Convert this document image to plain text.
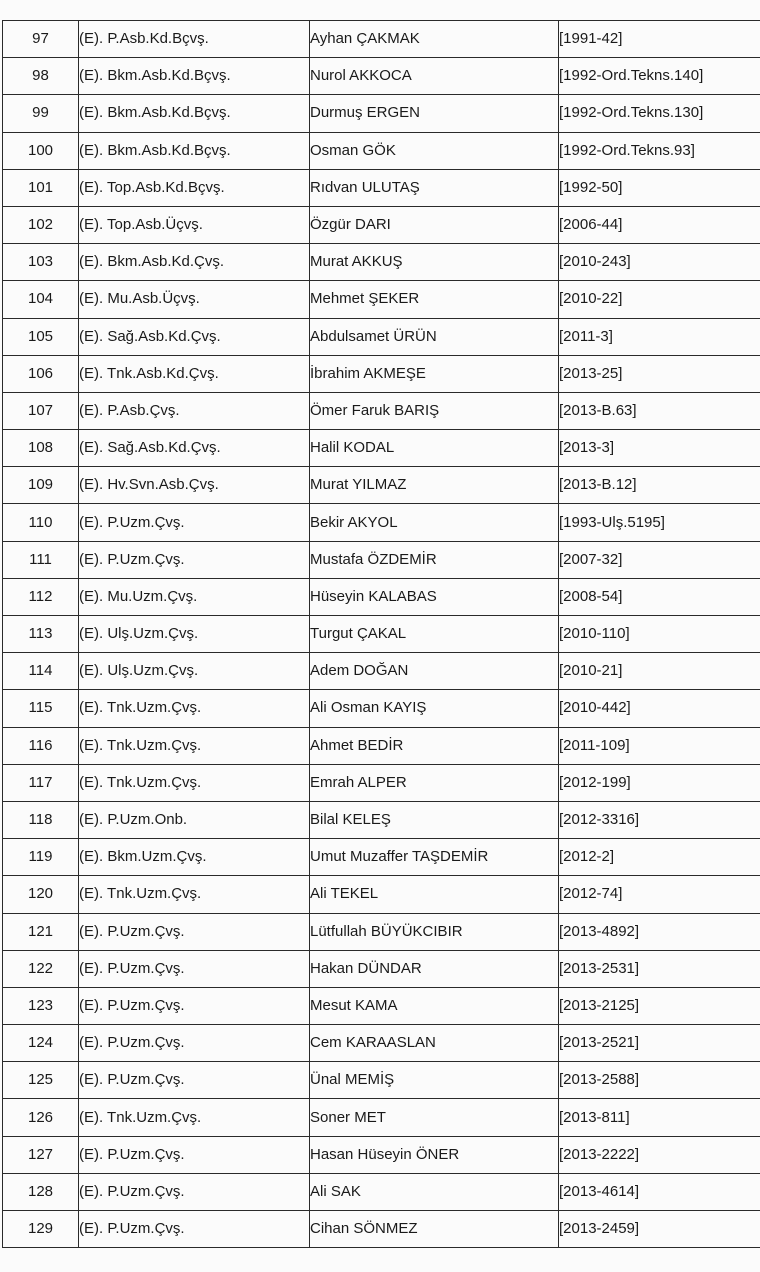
97	(E). P.Asb.Kd.Bçvş.	Ayhan ÇAKMAK	[1991-42]
98	(E). Bkm.Asb.Kd.Bçvş.	Nurol AKKOCA	[1992-Ord.Tekns.140]
99	(E). Bkm.Asb.Kd.Bçvş.	Durmuş ERGEN	[1992-Ord.Tekns.130]
100	(E). Bkm.Asb.Kd.Bçvş.	Osman GÖK	[1992-Ord.Tekns.93]
101	(E). Top.Asb.Kd.Bçvş.	Rıdvan ULUTAŞ	[1992-50]
102	(E). Top.Asb.Üçvş.	Özgür DARI	[2006-44]
103	(E). Bkm.Asb.Kd.Çvş.	Murat AKKUŞ	[2010-243]
104	(E). Mu.Asb.Üçvş.	Mehmet ŞEKER	[2010-22]
105	(E). Sağ.Asb.Kd.Çvş.	Abdulsamet ÜRÜN	[2011-3]
106	(E). Tnk.Asb.Kd.Çvş.	İbrahim AKMEŞE	[2013-25]
107	(E). P.Asb.Çvş.	Ömer Faruk BARIŞ	[2013-B.63]
108	(E). Sağ.Asb.Kd.Çvş.	Halil KODAL	[2013-3]
109	(E). Hv.Svn.Asb.Çvş.	Murat YILMAZ	[2013-B.12]
110	(E). P.Uzm.Çvş.	Bekir AKYOL	[1993-Ulş.5195]
111	(E). P.Uzm.Çvş.	Mustafa ÖZDEMİR	[2007-32]
112	(E). Mu.Uzm.Çvş.	Hüseyin KALABAS	[2008-54]
113	(E). Ulş.Uzm.Çvş.	Turgut ÇAKAL	[2010-110]
114	(E). Ulş.Uzm.Çvş.	Adem DOĞAN	[2010-21]
115	(E). Tnk.Uzm.Çvş.	Ali Osman KAYIŞ	[2010-442]
116	(E). Tnk.Uzm.Çvş.	Ahmet BEDİR	[2011-109]
117	(E). Tnk.Uzm.Çvş.	Emrah ALPER	[2012-199]
118	(E). P.Uzm.Onb.	Bilal KELEŞ	[2012-3316]
119	(E). Bkm.Uzm.Çvş.	Umut Muzaffer TAŞDEMİR	[2012-2]
120	(E). Tnk.Uzm.Çvş.	Ali TEKEL	[2012-74]
121	(E). P.Uzm.Çvş.	Lütfullah BÜYÜKCIBIR	[2013-4892]
122	(E). P.Uzm.Çvş.	Hakan DÜNDAR	[2013-2531]
123	(E). P.Uzm.Çvş.	Mesut KAMA	[2013-2125]
124	(E). P.Uzm.Çvş.	Cem KARAASLAN	[2013-2521]
125	(E). P.Uzm.Çvş.	Ünal MEMİŞ	[2013-2588]
126	(E). Tnk.Uzm.Çvş.	Soner MET	[2013-811]
127	(E). P.Uzm.Çvş.	Hasan Hüseyin ÖNER	[2013-2222]
128	(E). P.Uzm.Çvş.	Ali SAK	[2013-4614]
129	(E). P.Uzm.Çvş.	Cihan SÖNMEZ	[2013-2459]
